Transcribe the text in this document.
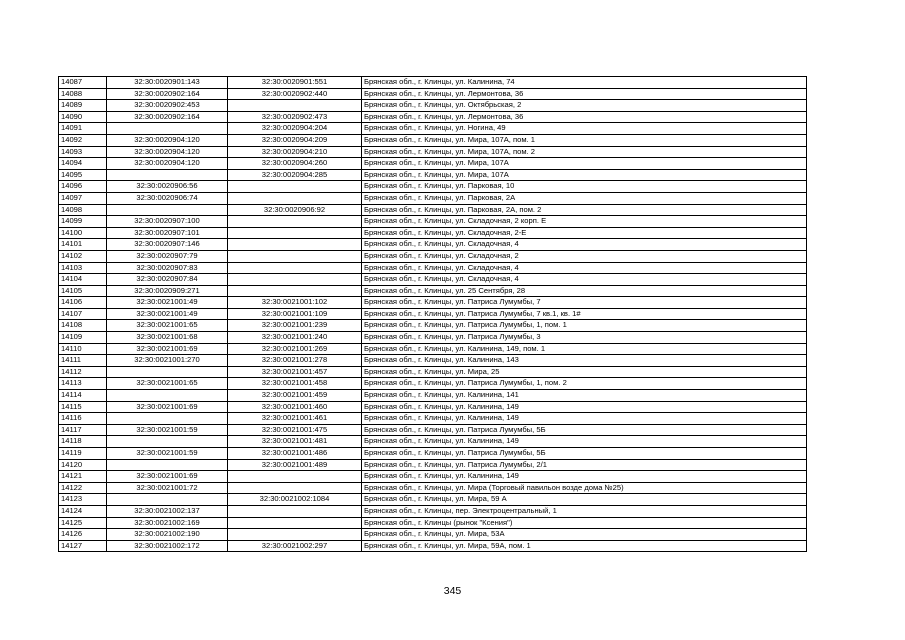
14087	32:30:0020901:143	32:30:0020901:551	Брянская обл., г. Клинцы, ул. Калинина, 74
14088	32:30:0020902:164	32:30:0020902:440	Брянская обл., г. Клинцы, ул. Лермонтова, 36
14089	32:30:0020902:453		Брянская обл., г. Клинцы, ул. Октябрьская, 2
14090	32:30:0020902:164	32:30:0020902:473	Брянская обл., г. Клинцы, ул. Лермонтова, 36
14091		32:30:0020904:204	Брянская обл., г. Клинцы, ул. Ногина, 49
14092	32:30:0020904:120	32:30:0020904:209	Брянская обл., г. Клинцы, ул. Мира, 107А, пом. 1
14093	32:30:0020904:120	32:30:0020904:210	Брянская обл., г. Клинцы, ул. Мира, 107А, пом. 2
14094	32:30:0020904:120	32:30:0020904:260	Брянская обл., г. Клинцы, ул. Мира, 107А
14095		32:30:0020904:285	Брянская обл., г. Клинцы, ул. Мира, 107А
14096	32:30:0020906:56		Брянская обл., г. Клинцы, ул. Парковая, 10
14097	32:30:0020906:74		Брянская обл., г. Клинцы, ул. Парковая, 2А
14098		32:30:0020906:92	Брянская обл., г. Клинцы, ул. Парковая, 2А, пом. 2
14099	32:30:0020907:100		Брянская обл., г. Клинцы, ул. Складочная, 2 корп. Е
14100	32:30:0020907:101		Брянская обл., г. Клинцы, ул. Складочная, 2-Е
14101	32:30:0020907:146		Брянская обл., г. Клинцы, ул. Складочная, 4
14102	32:30:0020907:79		Брянская обл., г. Клинцы, ул. Складочная, 2
14103	32:30:0020907:83		Брянская обл., г. Клинцы, ул. Складочная, 4
14104	32:30:0020907:84		Брянская обл., г. Клинцы, ул. Складочная, 4
14105	32:30:0020909:271		Брянская обл., г. Клинцы, ул. 25 Сентября, 28
14106	32:30:0021001:49	32:30:0021001:102	Брянская обл., г. Клинцы, ул. Патриса Лумумбы, 7
14107	32:30:0021001:49	32:30:0021001:109	Брянская обл., г. Клинцы, ул. Патриса Лумумбы, 7 кв.1, кв. 1#
14108	32:30:0021001:65	32:30:0021001:239	Брянская обл., г. Клинцы, ул. Патриса Лумумбы, 1, пом. 1
14109	32:30:0021001:68	32:30:0021001:240	Брянская обл., г. Клинцы, ул. Патриса Лумумбы, 3
14110	32:30:0021001:69	32:30:0021001:269	Брянская обл., г. Клинцы, ул. Калинина, 149, пом. 1
14111	32:30:0021001:270	32:30:0021001:278	Брянская обл., г. Клинцы, ул. Калинина, 143
14112		32:30:0021001:457	Брянская обл., г. Клинцы, ул. Мира, 25
14113	32:30:0021001:65	32:30:0021001:458	Брянская обл., г. Клинцы, ул. Патриса Лумумбы, 1, пом. 2
14114		32:30:0021001:459	Брянская обл., г. Клинцы, ул. Калинина, 141
14115	32:30:0021001:69	32:30:0021001:460	Брянская обл., г. Клинцы, ул. Калинина, 149
14116		32:30:0021001:461	Брянская обл., г. Клинцы, ул. Калинина, 149
14117	32:30:0021001:59	32:30:0021001:475	Брянская обл., г. Клинцы, ул. Патриса Лумумбы, 5Б
14118		32:30:0021001:481	Брянская обл., г. Клинцы, ул. Калинина, 149
14119	32:30:0021001:59	32:30:0021001:486	Брянская обл., г. Клинцы, ул. Патриса Лумумбы, 5Б
14120		32:30:0021001:489	Брянская обл., г. Клинцы, ул. Патриса Лумумбы, 2/1
14121	32:30:0021001:69		Брянская обл., г. Клинцы, ул. Калинина, 149
14122	32:30:0021001:72		Брянская обл., г. Клинцы, ул. Мира (Торговый павильон возде дома №25)
14123		32:30:0021002:1084	Брянская обл., г. Клинцы, ул. Мира, 59 А
14124	32:30:0021002:137		Брянская обл., г. Клинцы, пер. Электроцентральный, 1
14125	32:30:0021002:169		Брянская обл., г. Клинцы (рынок "Ксения")
14126	32:30:0021002:190		Брянская обл., г. Клинцы, ул. Мира, 53А
14127	32:30:0021002:172	32:30:0021002:297	Брянская обл., г. Клинцы, ул. Мира, 59А, пом. 1
345
